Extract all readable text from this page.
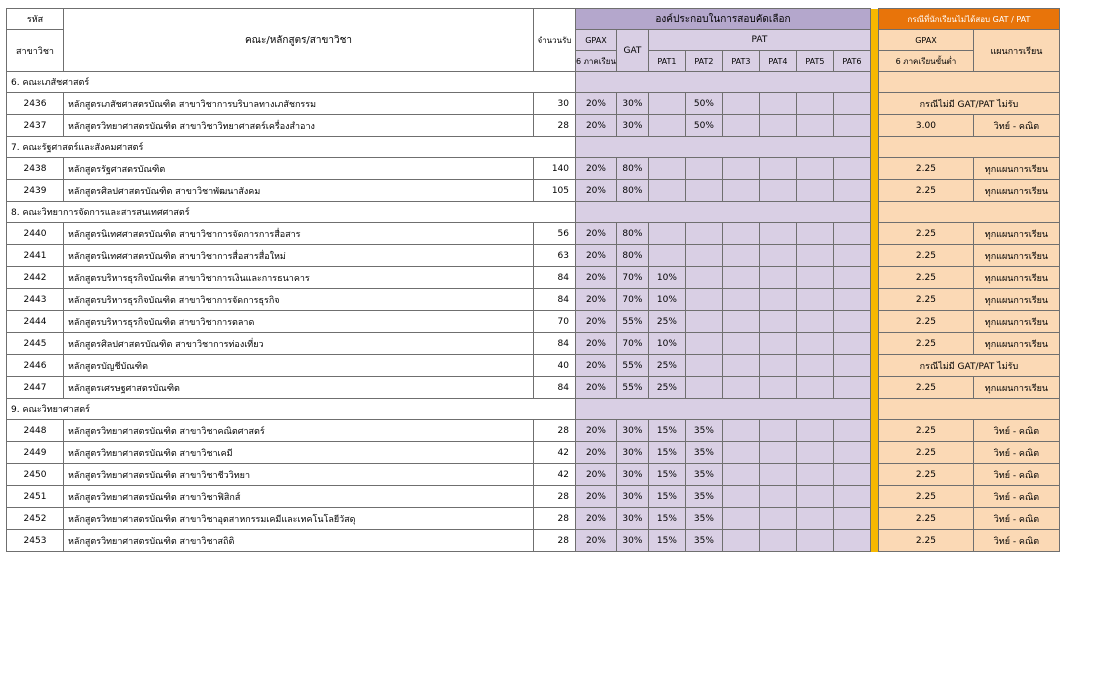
รหัส	คณะ/หลักสูตร/สาขาวิชา	จำนวนรับ	องค์ประกอบในการสอบคัดเลือก									กรณีที่นักเรียนไม่ได้สอบ GAT / PAT	
สาขาวิชา			GPAX	GAT	PAT							GPAX	แผนการเรียน
			6 ภาคเรียน		PAT1	PAT2	PAT3	PAT4	PAT5	PAT6		6 ภาคเรียนขั้นต่ำ	
6. คณะเภสัชศาสตร์													
2436	หลักสูตรเภสัชศาสตรบัณฑิต สาขาวิชาการบริบาลทางเภสัชกรรม	30	20%	30%		50%						กรณีไม่มี GAT/PAT ไม่รับ	
2437	หลักสูตรวิทยาศาสตรบัณฑิต สาขาวิชาวิทยาศาสตร์เครื่องสำอาง	28	20%	30%		50%						3.00	วิทย์ - คณิต
7. คณะรัฐศาสตร์และสังคมศาสตร์													
2438	หลักสูตรรัฐศาสตรบัณฑิต	140	20%	80%								2.25	ทุกแผนการเรียน
2439	หลักสูตรศิลปศาสตรบัณฑิต สาขาวิชาพัฒนาสังคม	105	20%	80%								2.25	ทุกแผนการเรียน
8. คณะวิทยาการจัดการและสารสนเทศศาสตร์													
2440	หลักสูตรนิเทศศาสตรบัณฑิต สาขาวิชาการจัดการการสื่อสาร	56	20%	80%								2.25	ทุกแผนการเรียน
2441	หลักสูตรนิเทศศาสตรบัณฑิต สาขาวิชาการสื่อสารสื่อใหม่	63	20%	80%								2.25	ทุกแผนการเรียน
2442	หลักสูตรบริหารธุรกิจบัณฑิต สาขาวิชาการเงินและการธนาคาร	84	20%	70%	10%							2.25	ทุกแผนการเรียน
2443	หลักสูตรบริหารธุรกิจบัณฑิต สาขาวิชาการจัดการธุรกิจ	84	20%	70%	10%							2.25	ทุกแผนการเรียน
2444	หลักสูตรบริหารธุรกิจบัณฑิต สาขาวิชาการตลาด	70	20%	55%	25%							2.25	ทุกแผนการเรียน
2445	หลักสูตรศิลปศาสตรบัณฑิต สาขาวิชาการท่องเที่ยว	84	20%	70%	10%							2.25	ทุกแผนการเรียน
2446	หลักสูตรบัญชีบัณฑิต	40	20%	55%	25%							กรณีไม่มี GAT/PAT ไม่รับ	
2447	หลักสูตรเศรษฐศาสตรบัณฑิต	84	20%	55%	25%							2.25	ทุกแผนการเรียน
9. คณะวิทยาศาสตร์													
2448	หลักสูตรวิทยาศาสตรบัณฑิต สาขาวิชาคณิตศาสตร์	28	20%	30%	15%	35%						2.25	วิทย์ - คณิต
2449	หลักสูตรวิทยาศาสตรบัณฑิต สาขาวิชาเคมี	42	20%	30%	15%	35%						2.25	วิทย์ - คณิต
2450	หลักสูตรวิทยาศาสตรบัณฑิต สาขาวิชาชีววิทยา	42	20%	30%	15%	35%						2.25	วิทย์ - คณิต
2451	หลักสูตรวิทยาศาสตรบัณฑิต สาขาวิชาฟิสิกส์	28	20%	30%	15%	35%						2.25	วิทย์ - คณิต
2452	หลักสูตรวิทยาศาสตรบัณฑิต สาขาวิชาอุตสาหกรรมเคมีและเทคโนโลยีวัสดุ	28	20%	30%	15%	35%						2.25	วิทย์ - คณิต
2453	หลักสูตรวิทยาศาสตรบัณฑิต สาขาวิชาสถิติ	28	20%	30%	15%	35%						2.25	วิทย์ - คณิต
